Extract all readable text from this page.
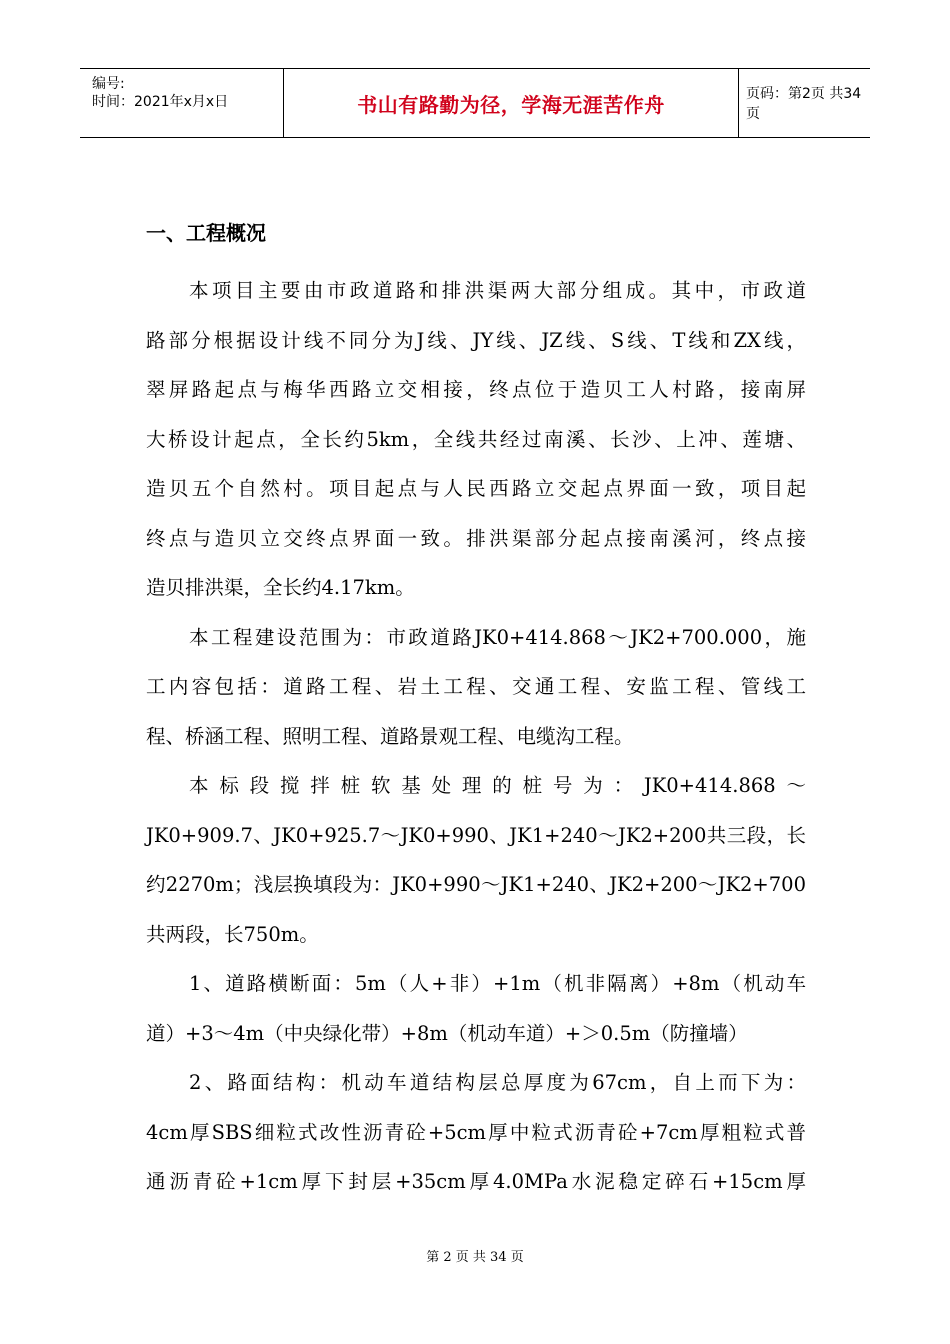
编号:
时间：2021年x月x日	书山有路勤为径，学海无涯苦作舟	页码：第2页 共34页
一、工程概况
本项目主要由市政道路和排洪渠两大部分组成。其中，市政道
路部分根据设计线不同分为J线、JY线、JZ线、S线、T线和ZX线，
翠屏路起点与梅华西路立交相接，终点位于造贝工人村路，接南屏
大桥设计起点，全长约5km，全线共经过南溪、长沙、上冲、莲塘、
造贝五个自然村。项目起点与人民西路立交起点界面一致，项目起
终点与造贝立交终点界面一致。排洪渠部分起点接南溪河，终点接
造贝排洪渠，全长约4.17km。
本工程建设范围为：市政道路JK0+414.868～JK2+700.000，施
工内容包括：道路工程、岩土工程、交通工程、安监工程、管线工
程、桥涵工程、照明工程、道路景观工程、电缆沟工程。
本标段搅拌桩软基处理的桩号为：JK0+414.868～
JK0+909.7、JK0+925.7～JK0+990、JK1+240～JK2+200共三段，长
约2270m；浅层换填段为：JK0+990～JK1+240、JK2+200～JK2+700
共两段，长750m。
1、道路横断面：5m（人+非）+1m（机非隔离）+8m（机动车
道）+3～4m（中央绿化带）+8m（机动车道）+＞0.5m（防撞墙）
2、路面结构：机动车道结构层总厚度为67cm，自上而下为：
4cm厚SBS细粒式改性沥青砼+5cm厚中粒式沥青砼+7cm厚粗粒式普
通沥青砼+1cm厚下封层+35cm厚4.0MPa水泥稳定碎石+15cm厚
第 2 页 共 34 页
